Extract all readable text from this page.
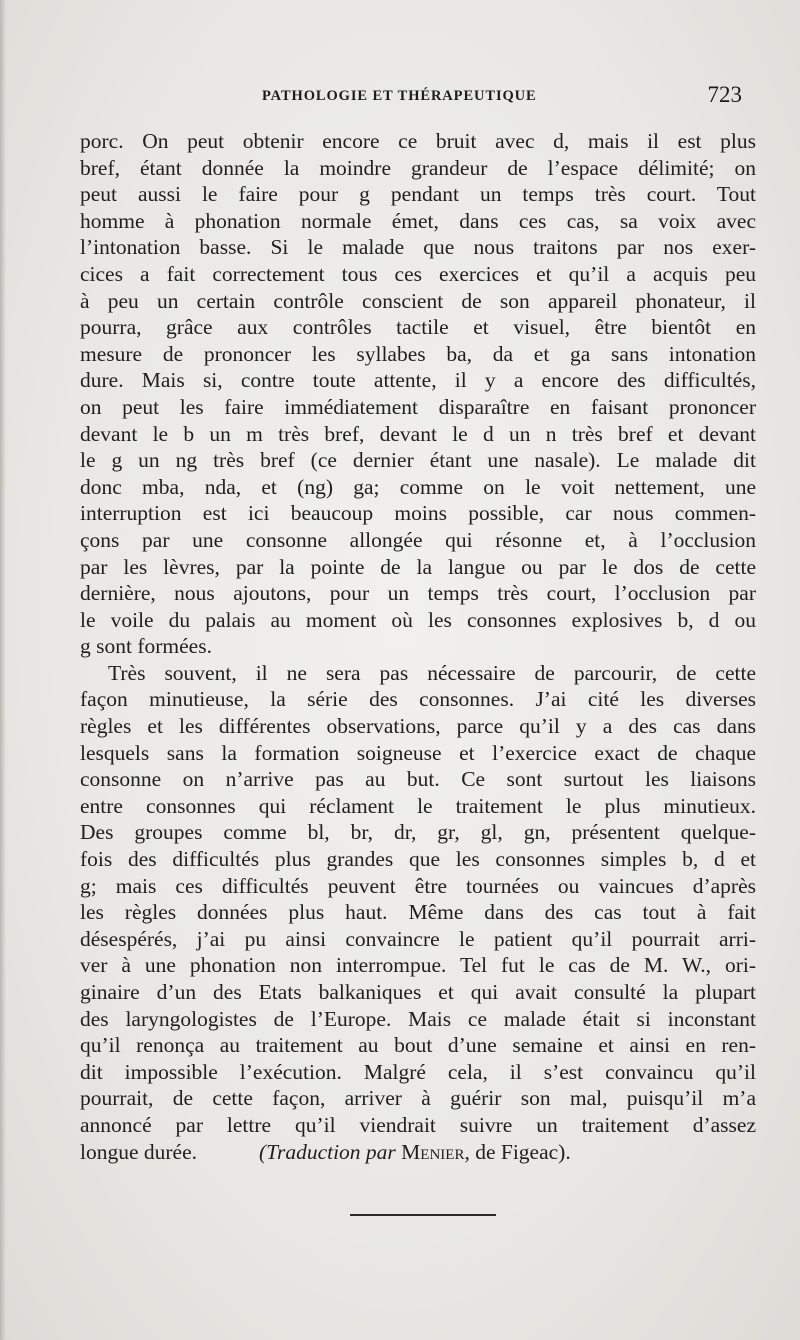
PATHOLOGIE ET THÉRAPEUTIQUE	723
porc. On peut obtenir encore ce bruit avec d, mais il est plus
bref, étant donnée la moindre grandeur de l’espace délimité; on
peut aussi le faire pour g pendant un temps très court. Tout
homme à phonation normale émet, dans ces cas, sa voix avec
l’intonation basse. Si le malade que nous traitons par nos exer-
cices a fait correctement tous ces exercices et qu’il a acquis peu
à peu un certain contrôle conscient de son appareil phonateur, il
pourra, grâce aux contrôles tactile et visuel, être bientôt en
mesure de prononcer les syllabes ba, da et ga sans intonation
dure. Mais si, contre toute attente, il y a encore des difficultés,
on peut les faire immédiatement disparaître en faisant prononcer
devant le b un m très bref, devant le d un n très bref et devant
le g un ng très bref (ce dernier étant une nasale). Le malade dit
donc mba, nda, et (ng) ga; comme on le voit nettement, une
interruption est ici beaucoup moins possible, car nous commen-
çons par une consonne allongée qui résonne et, à l’occlusion
par les lèvres, par la pointe de la langue ou par le dos de cette
dernière, nous ajoutons, pour un temps très court, l’occlusion par
le voile du palais au moment où les consonnes explosives b, d ou
g sont formées.
Très souvent, il ne sera pas nécessaire de parcourir, de cette
façon minutieuse, la série des consonnes. J’ai cité les diverses
règles et les différentes observations, parce qu’il y a des cas dans
lesquels sans la formation soigneuse et l’exercice exact de chaque
consonne on n’arrive pas au but. Ce sont surtout les liaisons
entre consonnes qui réclament le traitement le plus minutieux.
Des groupes comme bl, br, dr, gr, gl, gn, présentent quelque-
fois des difficultés plus grandes que les consonnes simples b, d et
g; mais ces difficultés peuvent être tournées ou vaincues d’après
les règles données plus haut. Même dans des cas tout à fait
désespérés, j’ai pu ainsi convaincre le patient qu’il pourrait arri-
ver à une phonation non interrompue. Tel fut le cas de M. W., ori-
ginaire d’un des Etats balkaniques et qui avait consulté la plupart
des laryngologistes de l’Europe. Mais ce malade était si inconstant
qu’il renonça au traitement au bout d’une semaine et ainsi en ren-
dit impossible l’exécution. Malgré cela, il s’est convaincu qu’il
pourrait, de cette façon, arriver à guérir son mal, puisqu’il m’a
annoncé par lettre qu’il viendrait suivre un traitement d’assez
longue durée.	(Traduction par Menier, de Figeac).
